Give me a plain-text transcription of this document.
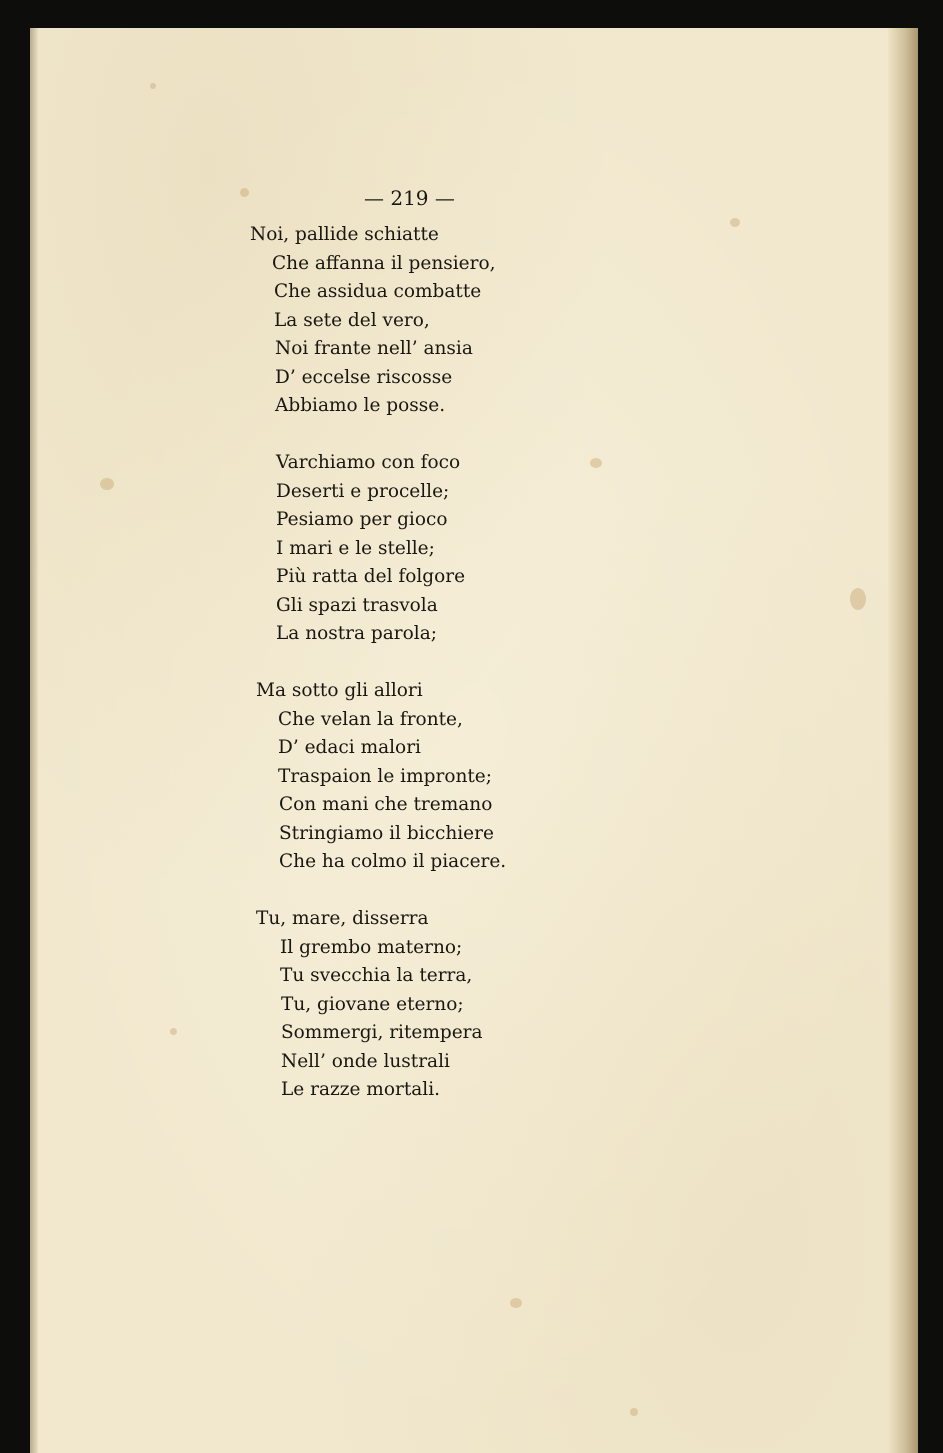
— 219 —
Noi, pallide schiatte
Che affanna il pensiero,
Che assidua combatte
La sete del vero,
Noi frante nell’ ansia
D’ eccelse riscosse
Abbiamo le posse.
Varchiamo con foco
Deserti e procelle;
Pesiamo per gioco
I mari e le stelle;
Più ratta del folgore
Gli spazi trasvola
La nostra parola;
Ma sotto gli allori
Che velan la fronte,
D’ edaci malori
Traspaion le impronte;
Con mani che tremano
Stringiamo il bicchiere
Che ha colmo il piacere.
Tu, mare, disserra
Il grembo materno;
Tu svecchia la terra,
Tu, giovane eterno;
Sommergi, ritempera
Nell’ onde lustrali
Le razze mortali.
